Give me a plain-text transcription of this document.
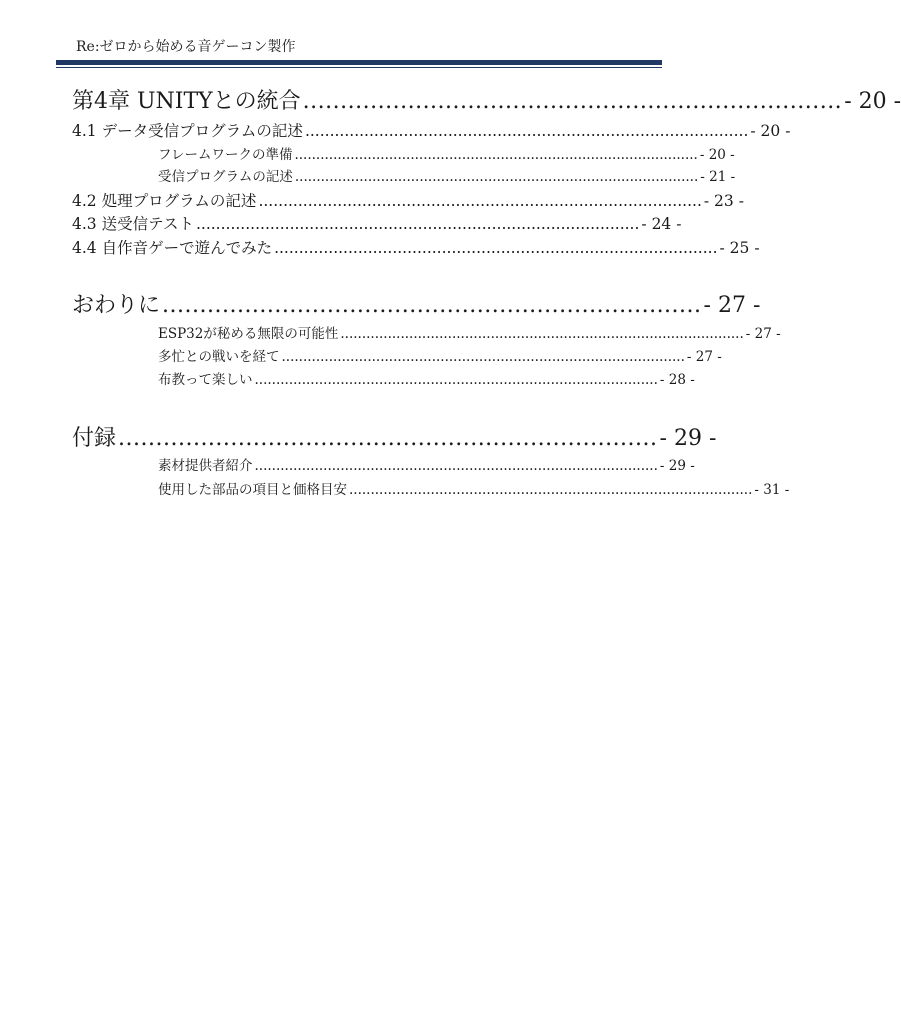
Re:ゼロから始める音ゲーコン製作
第4章 UNITYとの統合 ........................................................................ - 20 -
4.1 データ受信プログラムの記述 .......................................................................................... - 20 -
フレームワークの準備 .............................................................................................. - 20 -
受信プログラムの記述 .............................................................................................. - 21 -
4.2 処理プログラムの記述 .......................................................................................... - 23 -
4.3 送受信テスト .......................................................................................... - 24 -
4.4 自作音ゲーで遊んでみた .......................................................................................... - 25 -
おわりに ........................................................................ - 27 -
ESP32が秘める無限の可能性 .............................................................................................. - 27 -
多忙との戦いを経て .............................................................................................. - 27 -
布教って楽しい .............................................................................................. - 28 -
付録 ........................................................................ - 29 -
素材提供者紹介 .............................................................................................. - 29 -
使用した部品の項目と価格目安 .............................................................................................. - 31 -
